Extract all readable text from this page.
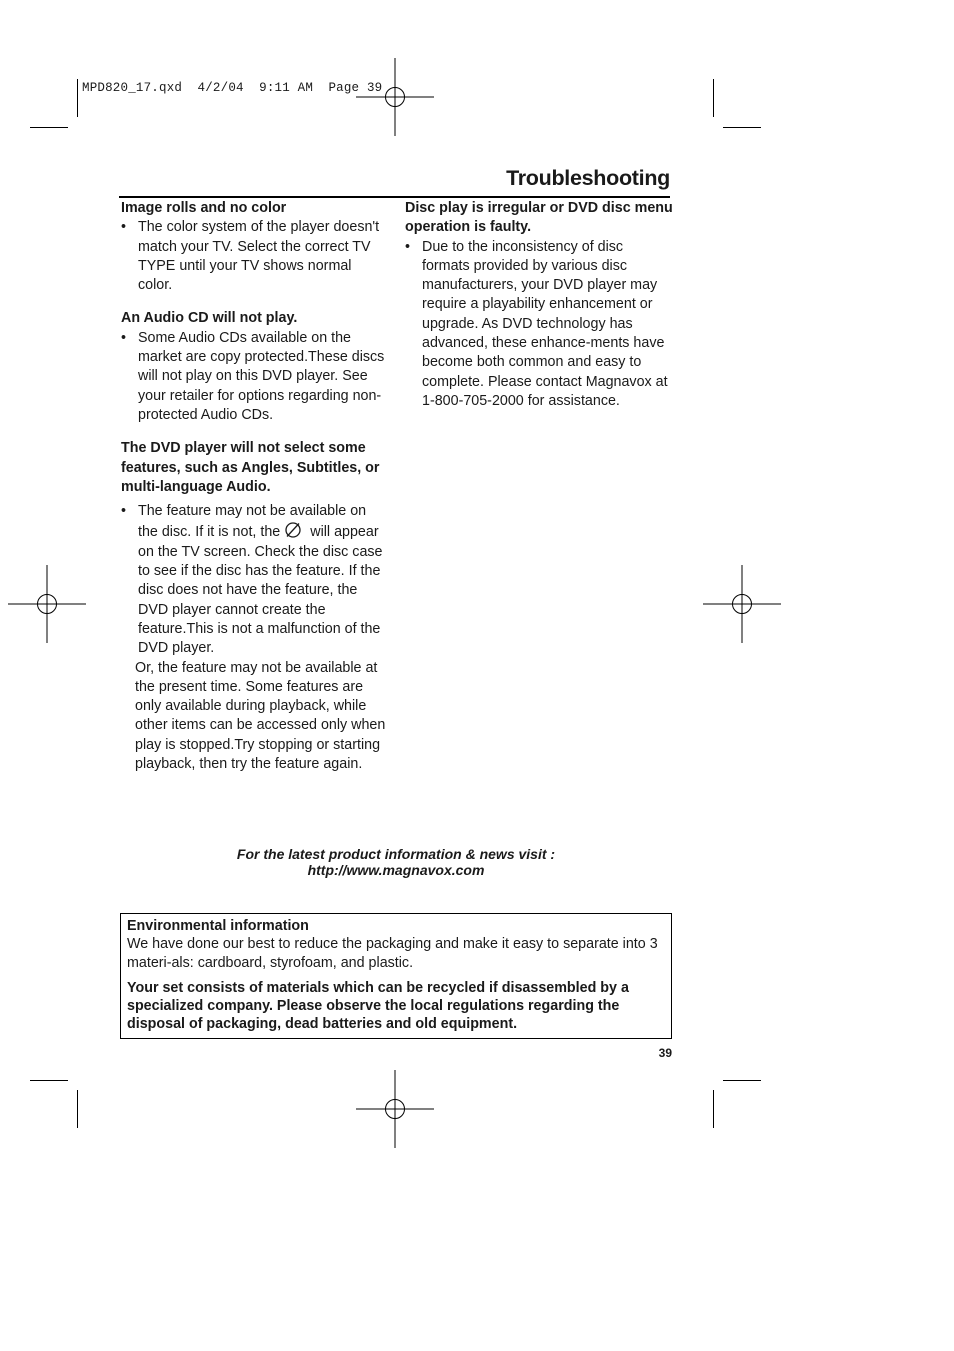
MPD820_17.qxd  4/2/04  9:11 AM  Page 39
Troubleshooting

Image rolls and no color

• The color system of the player doesn't match your TV. Select the correct TV TYPE until your TV shows normal color.

An Audio CD will not play.

• Some Audio CDs available on the market are copy protected.These discs will not play on this DVD player. See your retailer for options regarding non-protected Audio CDs.

The DVD player will not select some features, such as Angles, Subtitles, or multi-language Audio.

• The feature may not be available on the disc. If it is not, the will appear on the TV screen. Check the disc case to see if the disc has the feature. If the disc does not have the feature, the DVD player cannot create the feature.This is not a malfunction of the DVD player.

Or, the feature may not be available at the present time. Some features are only available during playback, while other items can be accessed only when play is stopped.Try stopping or starting playback, then try the feature again.

Disc play is irregular or DVD disc menu operation is faulty.

• Due to the inconsistency of disc formats provided by various disc manufacturers, your DVD player may require a playability enhancement or upgrade. As DVD technology has advanced, these enhance-ments have become both common and easy to complete. Please contact Magnavox at 1-800-705-2000 for assistance.

For the latest product information & news visit :
http://www.magnavox.com
Environmental information
We have done our best to reduce the packaging and make it easy to separate into 3 materi-als: cardboard, styrofoam, and plastic.
Your set consists of materials which can be recycled if disassembled by a specialized company. Please observe the local regulations regarding the disposal of packaging, dead batteries and old equipment.
39
